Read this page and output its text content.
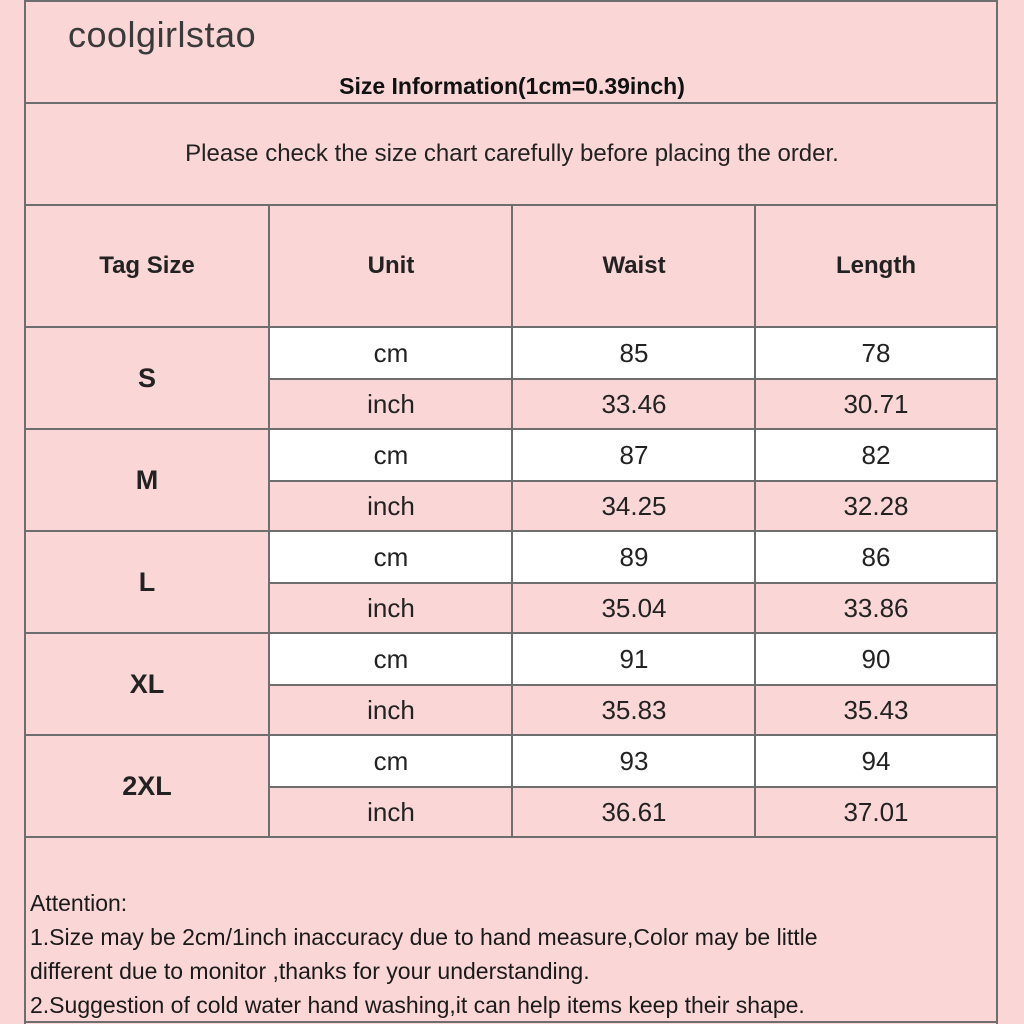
coolgirlstao
Size Information(1cm=0.39inch)
Please check the size chart carefully before placing the order.
Tag Size	Unit	Waist	Length
S
cm	85	78
inch	33.46	30.71
M
cm	87	82
inch	34.25	32.28
L
cm	89	86
inch	35.04	33.86
XL
cm	91	90
inch	35.83	35.43
2XL
cm	93	94
inch	36.61	37.01
Attention:
1.Size may be 2cm/1inch inaccuracy due to hand measure,Color may be little
different due to monitor ,thanks for your understanding.
2.Suggestion of cold water hand washing,it can help items keep their shape.
